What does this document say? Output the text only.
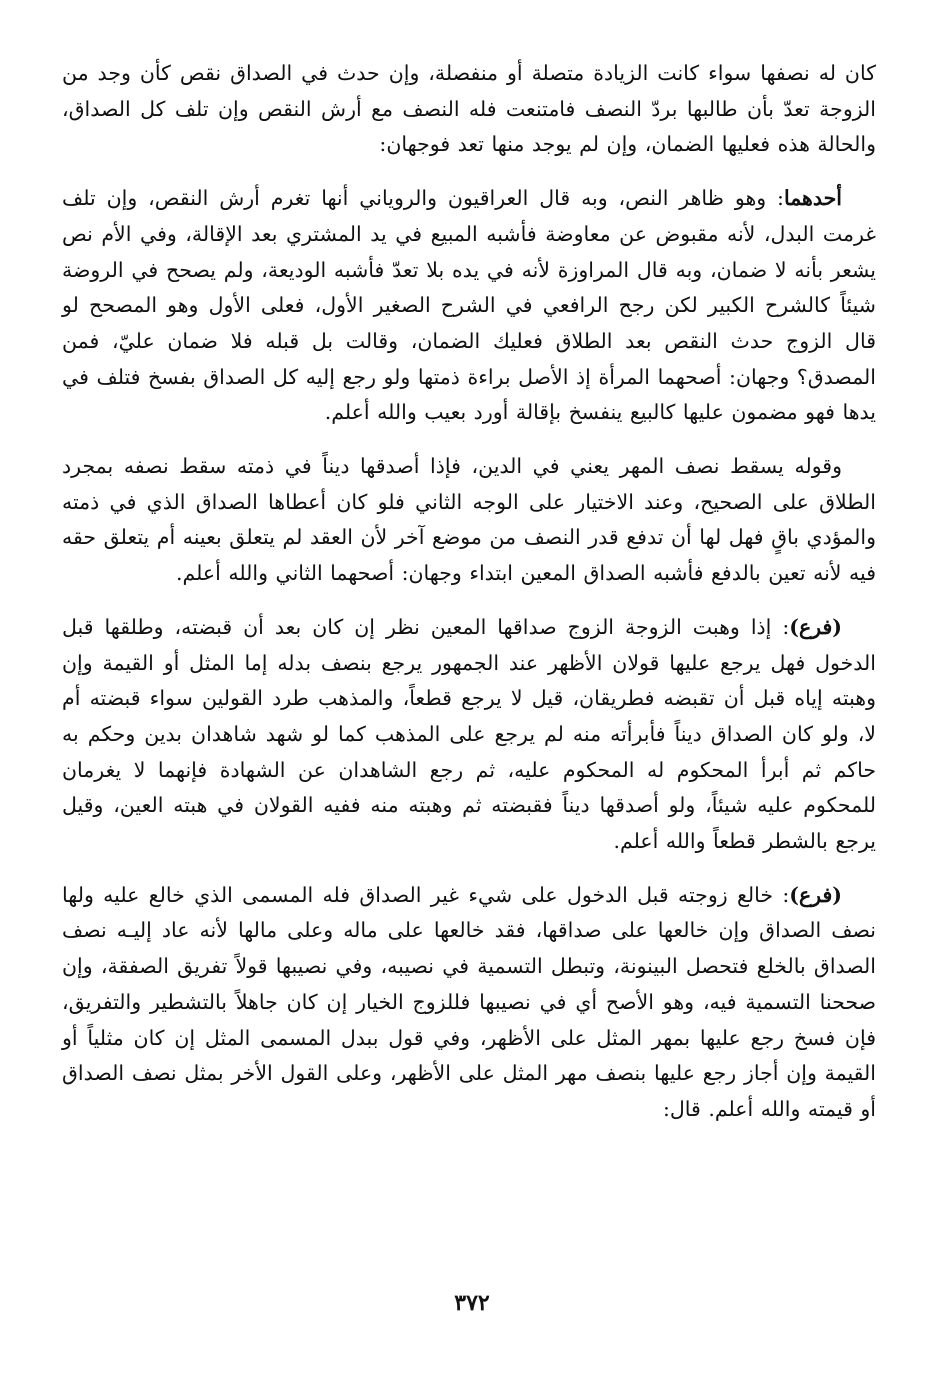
كان له نصفها سواء كانت الزيادة متصلة أو منفصلة، وإن حدث في الصداق نقص كأن وجد من الزوجة تعدّ بأن طالبها بردّ النصف فامتنعت فله النصف مع أرش النقص وإن تلف كل الصداق، والحالة هذه فعليها الضمان، وإن لم يوجد منها تعد فوجهان:

أحدهما: وهو ظاهر النص، وبه قال العراقيون والروياني أنها تغرم أرش النقص، وإن تلف غرمت البدل، لأنه مقبوض عن معاوضة فأشبه المبيع في يد المشتري بعد الإقالة، وفي الأم نص يشعر بأنه لا ضمان، وبه قال المراوزة لأنه في يده بلا تعدّ فأشبه الوديعة، ولم يصحح في الروضة شيئاً كالشرح الكبير لكن رجح الرافعي في الشرح الصغير الأول، فعلى الأول وهو المصحح لو قال الزوج حدث النقص بعد الطلاق فعليك الضمان، وقالت بل قبله فلا ضمان عليّ، فمن المصدق؟ وجهان: أصحهما المرأة إذ الأصل براءة ذمتها ولو رجع إليه كل الصداق بفسخ فتلف في يدها فهو مضمون عليها كالبيع ينفسخ بإقالة أورد بعيب والله أعلم.

وقوله يسقط نصف المهر يعني في الدين، فإذا أصدقها ديناً في ذمته سقط نصفه بمجرد الطلاق على الصحيح، وعند الاختيار على الوجه الثاني فلو كان أعطاها الصداق الذي في ذمته والمؤدي باقٍ فهل لها أن تدفع قدر النصف من موضع آخر لأن العقد لم يتعلق بعينه أم يتعلق حقه فيه لأنه تعين بالدفع فأشبه الصداق المعين ابتداء وجهان: أصحهما الثاني والله أعلم.

(فرع): إذا وهبت الزوجة الزوج صداقها المعين نظر إن كان بعد أن قبضته، وطلقها قبل الدخول فهل يرجع عليها قولان الأظهر عند الجمهور يرجع بنصف بدله إما المثل أو القيمة وإن وهبته إياه قبل أن تقبضه فطريقان، قيل لا يرجع قطعاً، والمذهب طرد القولين سواء قبضته أم لا، ولو كان الصداق ديناً فأبرأته منه لم يرجع على المذهب كما لو شهد شاهدان بدين وحكم به حاكم ثم أبرأ المحكوم له المحكوم عليه، ثم رجع الشاهدان عن الشهادة فإنهما لا يغرمان للمحكوم عليه شيئاً، ولو أصدقها ديناً فقبضته ثم وهبته منه ففيه القولان في هبته العين، وقيل يرجع بالشطر قطعاً والله أعلم.

(فرع): خالع زوجته قبل الدخول على شيء غير الصداق فله المسمى الذي خالع عليه ولها نصف الصداق وإن خالعها على صداقها، فقد خالعها على ماله وعلى مالها لأنه عاد إليـه نصف الصداق بالخلع فتحصل البينونة، وتبطل التسمية في نصيبه، وفي نصيبها قولاً تفريق الصفقة، وإن صححنا التسمية فيه، وهو الأصح أي في نصيبها فللزوج الخيار إن كان جاهلاً بالتشطير والتفريق، فإن فسخ رجع عليها بمهر المثل على الأظهر، وفي قول ببدل المسمى المثل إن كان مثلياً أو القيمة وإن أجاز رجع عليها بنصف مهر المثل على الأظهر، وعلى القول الأخر بمثل نصف الصداق أو قيمته والله أعلم. قال:

٣٧٢
